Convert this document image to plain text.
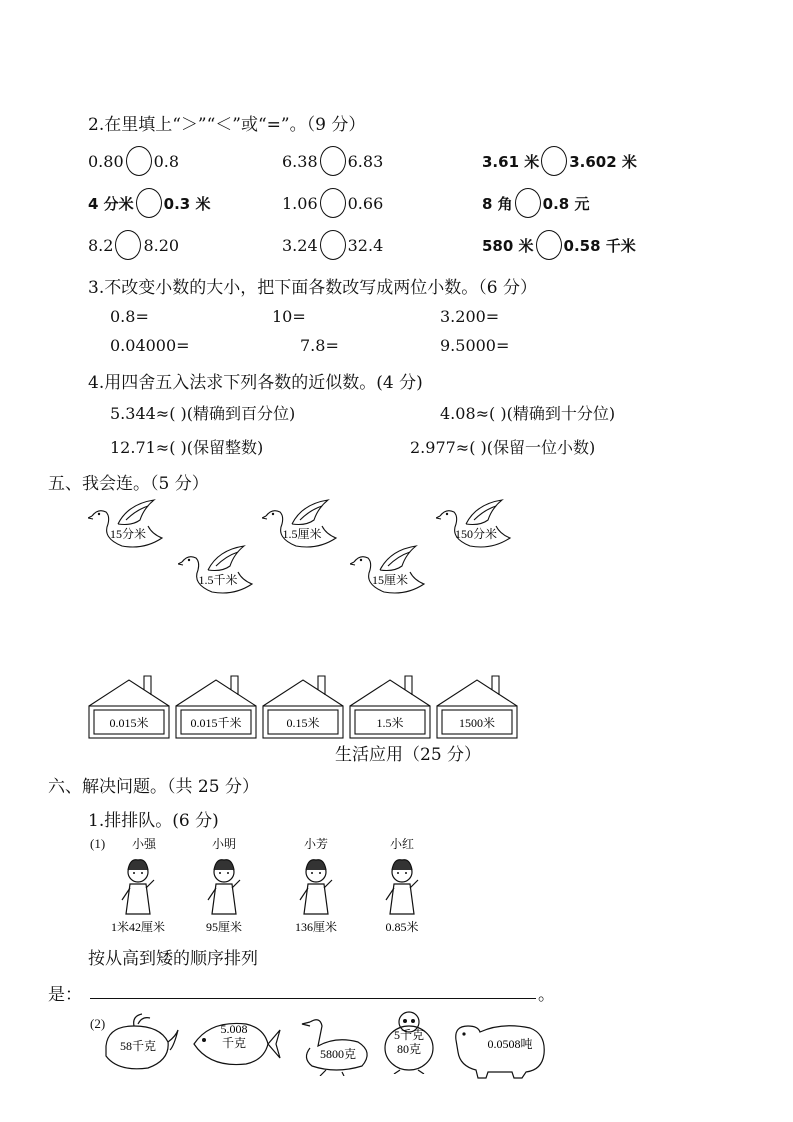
2.在里填上“＞”“＜”或“=”。（9 分）
0.80 0.8	6.38 6.83	3.61 米 3.602 米
4 分米 0.3 米	1.06 0.66	8 角 0.8 元
8.2 8.20	3.24 32.4	580 米 0.58 千米
3.不改变小数的大小，把下面各数改写成两位小数。（6 分）
0.8=	10=	3.200=
0.04000=	7.8=	9.5000=
4.用四舍五入法求下列各数的近似数。(4 分)
5.344≈( )(精确到百分位)	4.08≈( )(精确到十分位)
12.71≈( )(保留整数)	2.977≈( )(保留一位小数)
五、我会连。（5 分）
15分米	1.5厘米	150分米
1.5千米	15厘米
0.015米	0.015千米	0.15米	1.5米	1500米
生活应用（25 分）
六、解决问题。（共 25 分）
1.排排队。(6 分)
(1) 小强
1米42厘米
小明
95厘米
小芳
136厘米
小红
0.85米
按从高到矮的顺序排列
是：	。
(2)
58千克
5.008 千克
5800克
5千克 80克	0.0508吨
